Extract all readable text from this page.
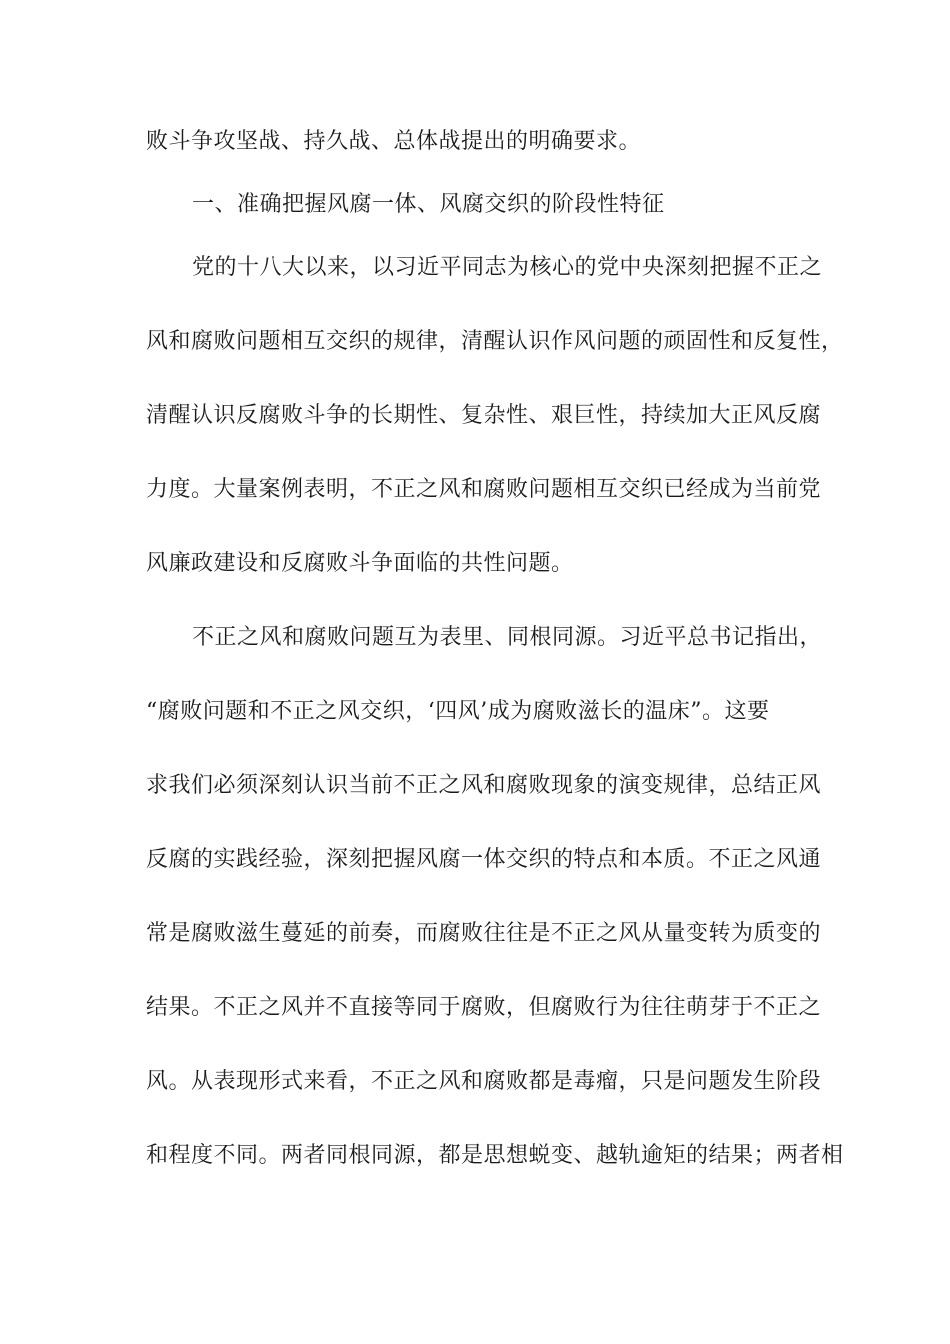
败斗争攻坚战、持久战、总体战提出的明确要求。
一、准确把握风腐一体、风腐交织的阶段性特征
党的十八大以来，以习近平同志为核心的党中央深刻把握不正之
风和腐败问题相互交织的规律，清醒认识作风问题的顽固性和反复性，
清醒认识反腐败斗争的长期性、复杂性、艰巨性，持续加大正风反腐
力度。大量案例表明，不正之风和腐败问题相互交织已经成为当前党
风廉政建设和反腐败斗争面临的共性问题。
不正之风和腐败问题互为表里、同根同源。习近平总书记指出，
“腐败问题和不正之风交织，‘四风’成为腐败滋长的温床”。这要
求我们必须深刻认识当前不正之风和腐败现象的演变规律，总结正风
反腐的实践经验，深刻把握风腐一体交织的特点和本质。不正之风通
常是腐败滋生蔓延的前奏，而腐败往往是不正之风从量变转为质变的
结果。不正之风并不直接等同于腐败，但腐败行为往往萌芽于不正之
风。从表现形式来看，不正之风和腐败都是毒瘤，只是问题发生阶段
和程度不同。两者同根同源，都是思想蜕变、越轨逾矩的结果；两者相
